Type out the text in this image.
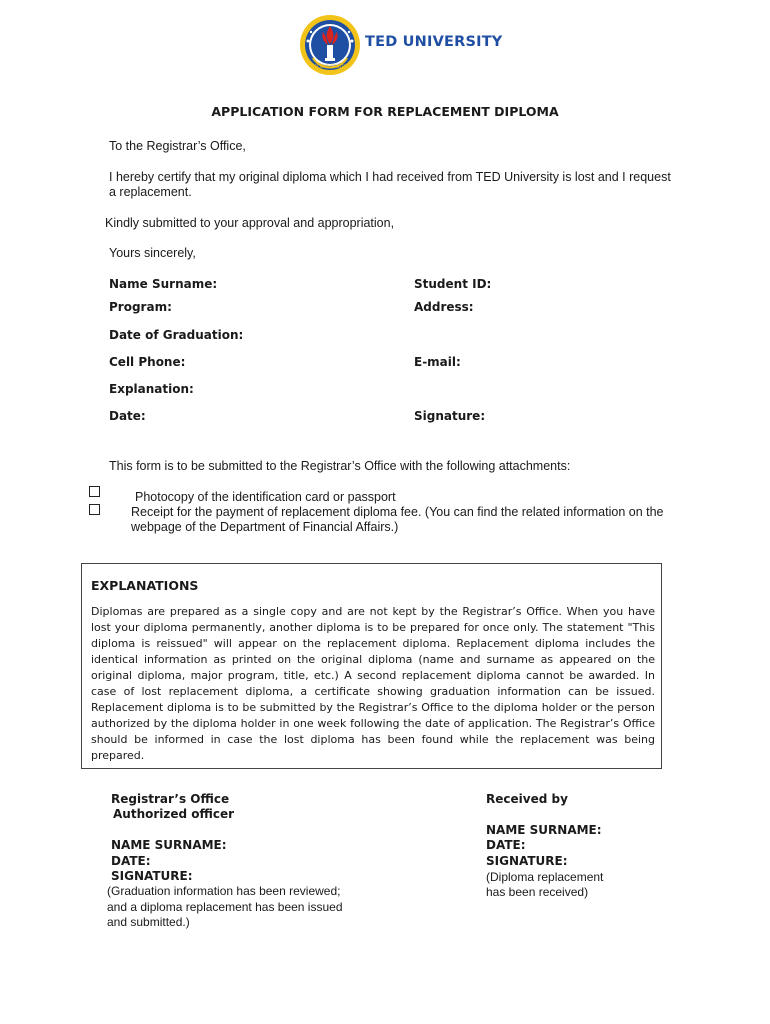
TED ÜNİVERSİTESİ
TED UNIVERSITY
APPLICATION FORM FOR REPLACEMENT DIPLOMA
To the Registrar’s Office,
I hereby certify that my original diploma which I had received from TED University is lost and I request
a replacement.
Kindly submitted to your approval and appropriation,
Yours sincerely,
Name Surname:	Student ID:
Program:	Address:
Date of Graduation:
Cell Phone:	E-mail:
Explanation:
Date:	Signature:
This form is to be submitted to the Registrar’s Office with the following attachments:
Photocopy of the identification card or passport
Receipt for the payment of replacement diploma fee. (You can find the related information on the
webpage of the Department of Financial Affairs.)
EXPLANATIONS

Diplomas are prepared as a single copy and are not kept by the Registrar’s Office. When you have lost your diploma permanently, another diploma is to be prepared for once only. The statement "This diploma is reissued" will appear on the replacement diploma. Replacement diploma includes the identical information as printed on the original diploma (name and surname as appeared on the original diploma, major program, title, etc.) A second replacement diploma cannot be awarded. In case of lost replacement diploma, a certificate showing graduation information can be issued. Replacement diploma is to be submitted by the Registrar’s Office to the diploma holder or the person authorized by the diploma holder in one week following the date of application. The Registrar’s Office should be informed in case the lost diploma has been found while the replacement was being prepared.

Registrar’s Office
Authorized officer
NAME SURNAME:
DATE:
SIGNATURE:
(Graduation information has been reviewed;
and a diploma replacement has been issued
and submitted.)
Received by
NAME SURNAME:
DATE:
SIGNATURE:
(Diploma replacement
has been received)
